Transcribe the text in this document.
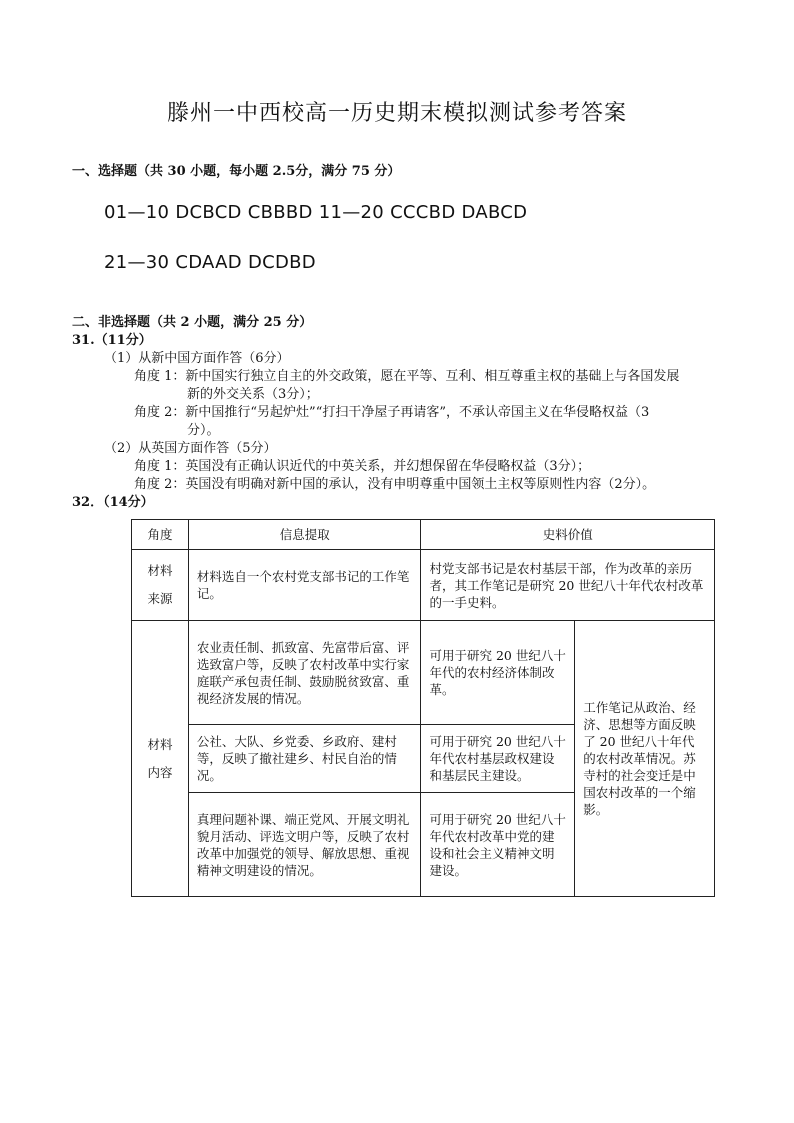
滕州一中西校高一历史期末模拟测试参考答案
一、选择题（共 30 小题，每小题 2.5分，满分 75 分）
01—10 DCBCD CBBBD 11—20 CCCBD DABCD
21—30 CDAAD DCDBD
二、非选择题（共 2 小题，满分 25 分）
31.（11分）
（1）从新中国方面作答（6分）
角度 1：新中国实行独立自主的外交政策，愿在平等、互利、相互尊重主权的基础上与各国发展
新的外交关系（3分）；
角度 2：新中国推行“另起炉灶”“打扫干净屋子再请客”，不承认帝国主义在华侵略权益（3
分）。
（2）从英国方面作答（5分）
角度 1：英国没有正确认识近代的中英关系，并幻想保留在华侵略权益（3分）；
角度 2：英国没有明确对新中国的承认，没有申明尊重中国领土主权等原则性内容（2分）。
32．（14分）
角度	信息提取	史料价值	

材料
来源	材料选自一个农村党支部书记的工作笔记。	村党支部书记是农村基层干部，作为改革的亲历者，其工作笔记是研究 20 世纪八十年代农村改革的一手史料。	

材料
内容	农业责任制、抓致富、先富带后富、评选致富户等，反映了农村改革中实行家庭联产承包责任制、鼓励脱贫致富、重视经济发展的情况。	可用于研究 20 世纪八十年代的农村经济体制改革。	工作笔记从政治、经济、思想等方面反映了 20 世纪八十年代的农村改革情况。苏寺村的社会变迁是中国农村改革的一个缩影。
	公社、大队、乡党委、乡政府、建村等，反映了撤社建乡、村民自治的情况。	可用于研究 20 世纪八十年代农村基层政权建设和基层民主建设。	
	真理问题补课、端正党风、开展文明礼貌月活动、评选文明户等，反映了农村改革中加强党的领导、解放思想、重视精神文明建设的情况。	可用于研究 20 世纪八十年代农村改革中党的建设和社会主义精神文明建设。	
